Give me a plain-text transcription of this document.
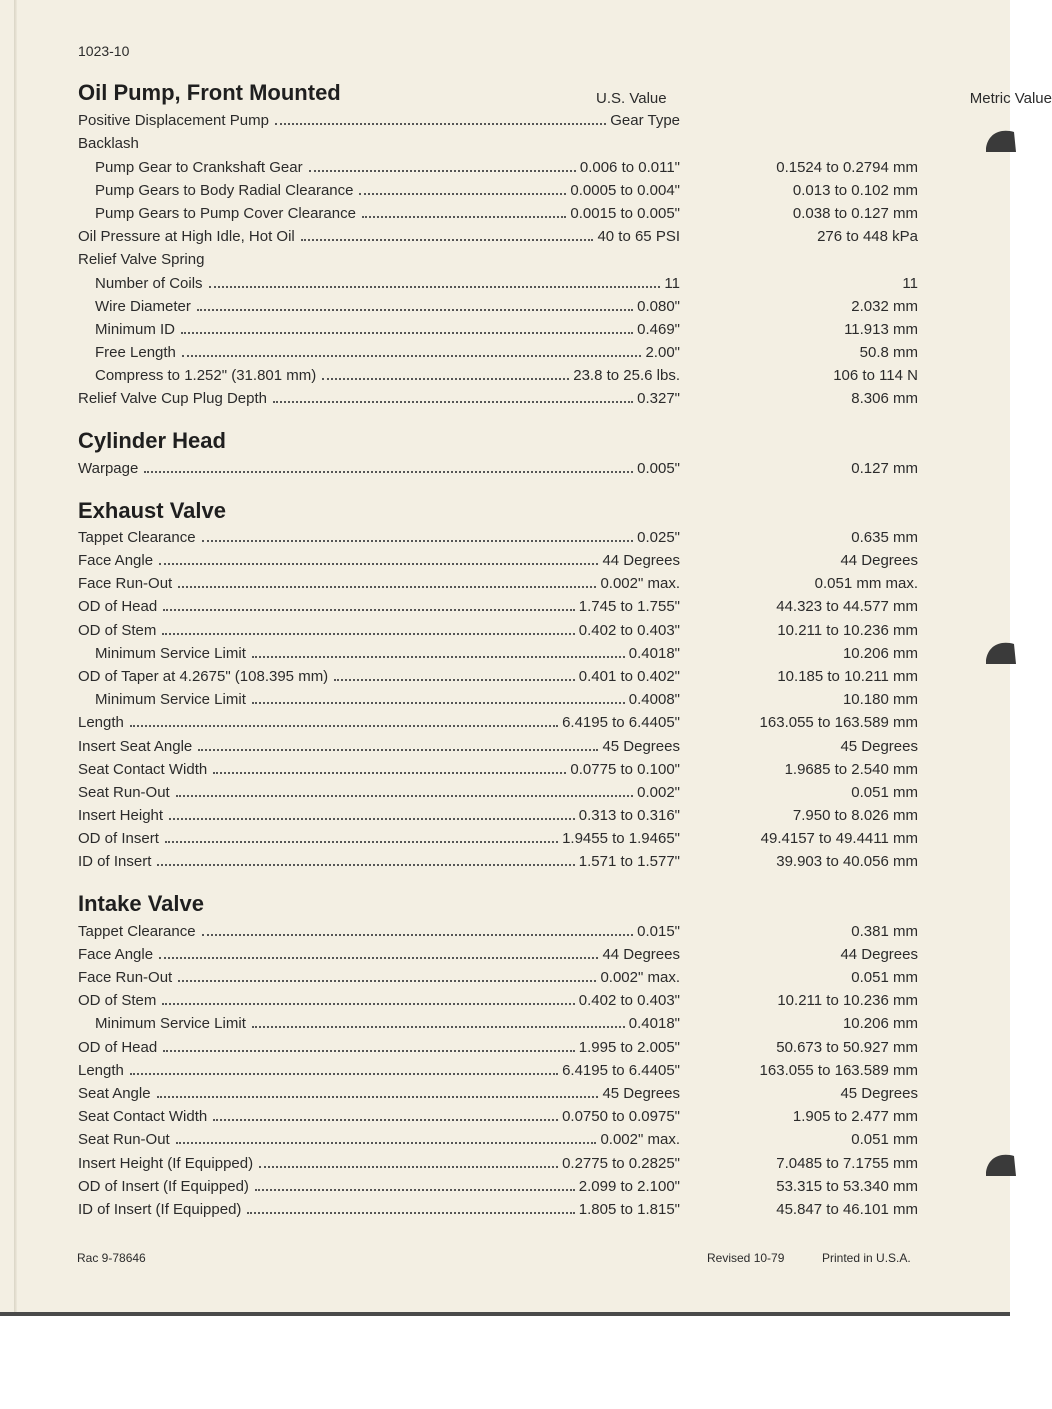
1023-10
Oil Pump, Front Mounted	U.S. Value	Metric Value
Positive Displacement Pump	Gear Type
Backlash
Pump Gear to Crankshaft Gear	0.006 to 0.011"	0.1524 to 0.2794 mm
Pump Gears to Body Radial Clearance	0.0005 to 0.004"	0.013 to 0.102 mm
Pump Gears to Pump Cover Clearance	0.0015 to 0.005"	0.038 to 0.127 mm
Oil Pressure at High Idle, Hot Oil	40 to 65 PSI	276 to 448 kPa
Relief Valve Spring
Number of Coils	11	11
Wire Diameter	0.080"	2.032 mm
Minimum ID	0.469"	11.913 mm
Free Length	2.00"	50.8 mm
Compress to 1.252" (31.801 mm)	23.8 to 25.6 lbs.	106 to 114 N
Relief Valve Cup Plug Depth	0.327"	8.306 mm
Cylinder Head
Warpage	0.005"	0.127 mm
Exhaust Valve
Tappet Clearance	0.025"	0.635 mm
Face Angle	44 Degrees	44 Degrees
Face Run-Out	0.002" max.	0.051 mm max.
OD of Head	1.745 to 1.755"	44.323 to 44.577 mm
OD of Stem	0.402 to 0.403"	10.211 to 10.236 mm
Minimum Service Limit	0.4018"	10.206 mm
OD of Taper at 4.2675" (108.395 mm)	0.401 to 0.402"	10.185 to 10.211 mm
Minimum Service Limit	0.4008"	10.180 mm
Length	6.4195 to 6.4405"	163.055 to 163.589 mm
Insert Seat Angle	45 Degrees	45 Degrees
Seat Contact Width	0.0775 to 0.100"	1.9685 to 2.540 mm
Seat Run-Out	0.002"	0.051 mm
Insert Height	0.313 to 0.316"	7.950 to 8.026 mm
OD of Insert	1.9455 to 1.9465"	49.4157 to 49.4411 mm
ID of Insert	1.571 to 1.577"	39.903 to 40.056 mm
Intake Valve
Tappet Clearance	0.015"	0.381 mm
Face Angle	44 Degrees	44 Degrees
Face Run-Out	0.002" max.	0.051 mm
OD of Stem	0.402 to 0.403"	10.211 to 10.236 mm
Minimum Service Limit	0.4018"	10.206 mm
OD of Head	1.995 to 2.005"	50.673 to 50.927 mm
Length	6.4195 to 6.4405"	163.055 to 163.589 mm
Seat Angle	45 Degrees	45 Degrees
Seat Contact Width	0.0750 to 0.0975"	1.905 to 2.477 mm
Seat Run-Out	0.002" max.	0.051 mm
Insert Height (If Equipped)	0.2775 to 0.2825"	7.0485 to 7.1755 mm
OD of Insert (If Equipped)	2.099 to 2.100"	53.315 to 53.340 mm
ID of Insert (If Equipped)	1.805 to 1.815"	45.847 to 46.101 mm
Rac 9-78646	Revised 10-79	Printed in U.S.A.
